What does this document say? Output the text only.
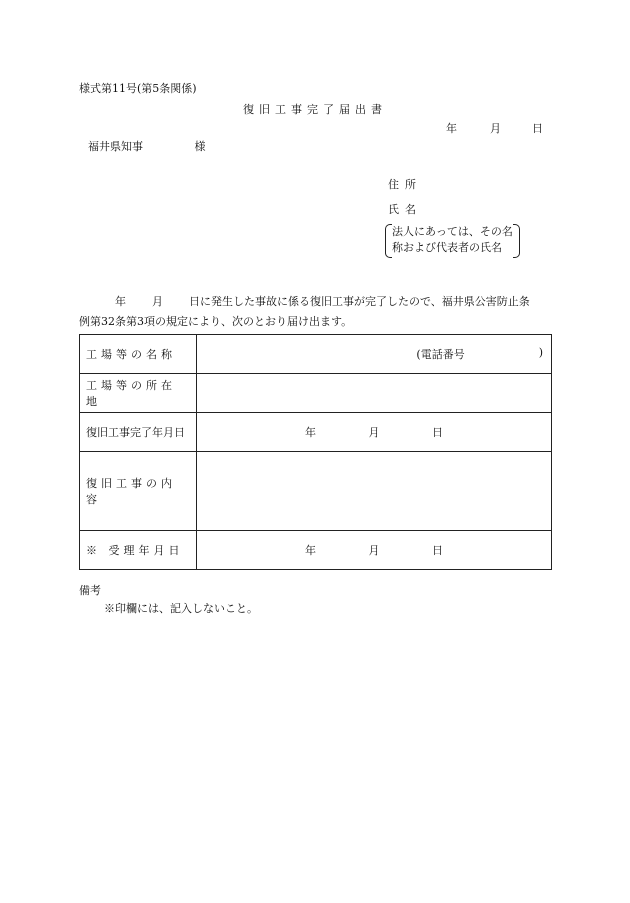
様式第11号(第5条関係)
復旧工事完了届出書
年	月	日
福井県知事	様
住所
氏名
法人にあっては、その名
称および代表者の氏名
年 月 日に発生した事故に係る復旧工事が完了したので、福井県公害防止条
例第32条第3項の規定により、次のとおり届け出ます。
工場等の名称	(電話番号 )

工場等の所在地	
復旧工事完了年月日	年 月 日
復旧工事の内容	
※ 受理年月日	年 月 日
備考
※印欄には、記入しないこと。
